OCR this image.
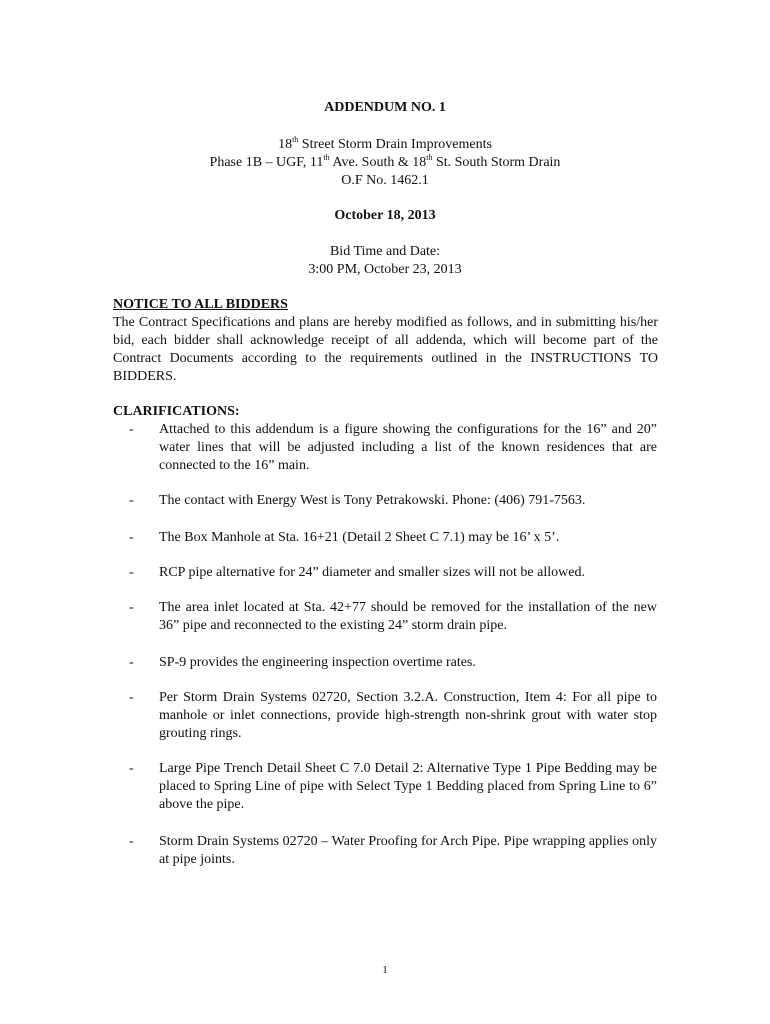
ADDENDUM NO. 1
18th Street Storm Drain Improvements
Phase 1B – UGF, 11th Ave. South & 18th St. South Storm Drain
O.F No. 1462.1
October 18, 2013
Bid Time and Date:
3:00 PM, October 23, 2013
NOTICE TO ALL BIDDERS
The Contract Specifications and plans are hereby modified as follows, and in submitting his/her bid, each bidder shall acknowledge receipt of all addenda, which will become part of the Contract Documents according to the requirements outlined in the INSTRUCTIONS TO BIDDERS.
CLARIFICATIONS:
- Attached to this addendum is a figure showing the configurations for the 16” and 20” water lines that will be adjusted including a list of the known residences that are connected to the 16” main.
- The contact with Energy West is Tony Petrakowski. Phone: (406) 791-7563.
- The Box Manhole at Sta. 16+21 (Detail 2 Sheet C 7.1) may be 16’ x 5’.
- RCP pipe alternative for 24” diameter and smaller sizes will not be allowed.
- The area inlet located at Sta. 42+77 should be removed for the installation of the new 36” pipe and reconnected to the existing 24” storm drain pipe.
- SP-9 provides the engineering inspection overtime rates.
- Per Storm Drain Systems 02720, Section 3.2.A. Construction, Item 4: For all pipe to manhole or inlet connections, provide high-strength non-shrink grout with water stop grouting rings.
- Large Pipe Trench Detail Sheet C 7.0 Detail 2: Alternative Type 1 Pipe Bedding may be placed to Spring Line of pipe with Select Type 1 Bedding placed from Spring Line to 6” above the pipe.
- Storm Drain Systems 02720 – Water Proofing for Arch Pipe. Pipe wrapping applies only at pipe joints.
1
